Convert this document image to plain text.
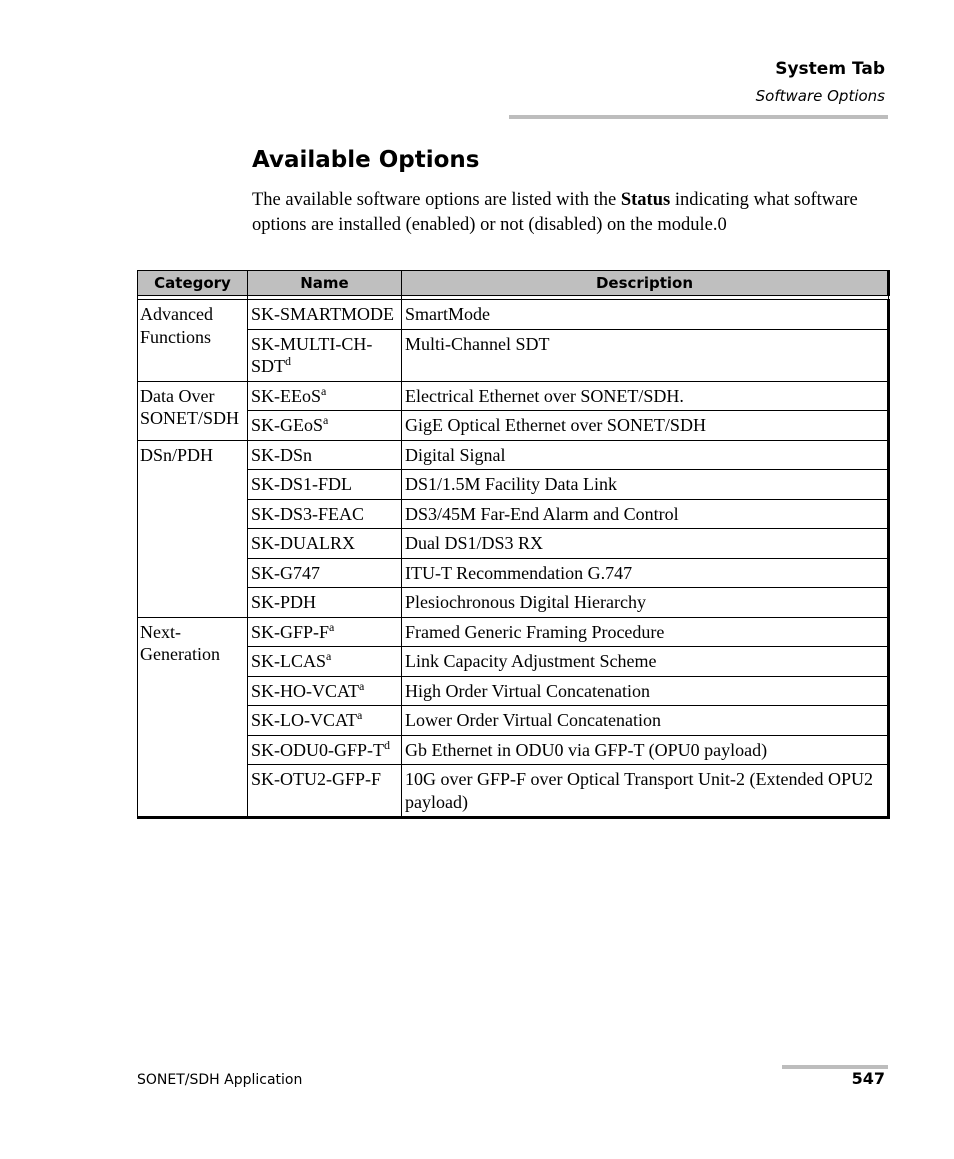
System Tab
Software Options
Available Options

The available software options are listed with the Status indicating what software options are installed (enabled) or not (disabled) on the module.0

Category	Name	Description

Advanced Functions	SK-SMARTMODE	SmartMode
	SK-MULTI-CH-SDT$^d$	Multi-Channel SDT
Data Over SONET/SDH	SK-EEoS$^a$	Electrical Ethernet over SONET/SDH.
	SK-GEoS$^a$	GigE Optical Ethernet over SONET/SDH
DSn/PDH	SK-DSn	Digital Signal
	SK-DS1-FDL	DS1/1.5M Facility Data Link
	SK-DS3-FEAC	DS3/45M Far-End Alarm and Control
	SK-DUALRX	Dual DS1/DS3 RX
	SK-G747	ITU-T Recommendation G.747
	SK-PDH	Plesiochronous Digital Hierarchy
Next-Generation	$SK-GFP-F^a$	Framed Generic Framing Procedure
	SK-LCAS$^a$	Link Capacity Adjustment Scheme
	SK-HO-VCAT$^a$	High Order Virtual Concatenation
	SK-LO-VCAT$^a$	Lower Order Virtual Concatenation
	$SK-ODU0-GFP-T^d$	Gb Ethernet in ODU0 via GFP-T (OPU0 payload)
	SK-OTU2-GFP-F	10G over GFP-F over Optical Transport Unit-2 (Extended OPU2 payload)
SONET/SDH Application	547
